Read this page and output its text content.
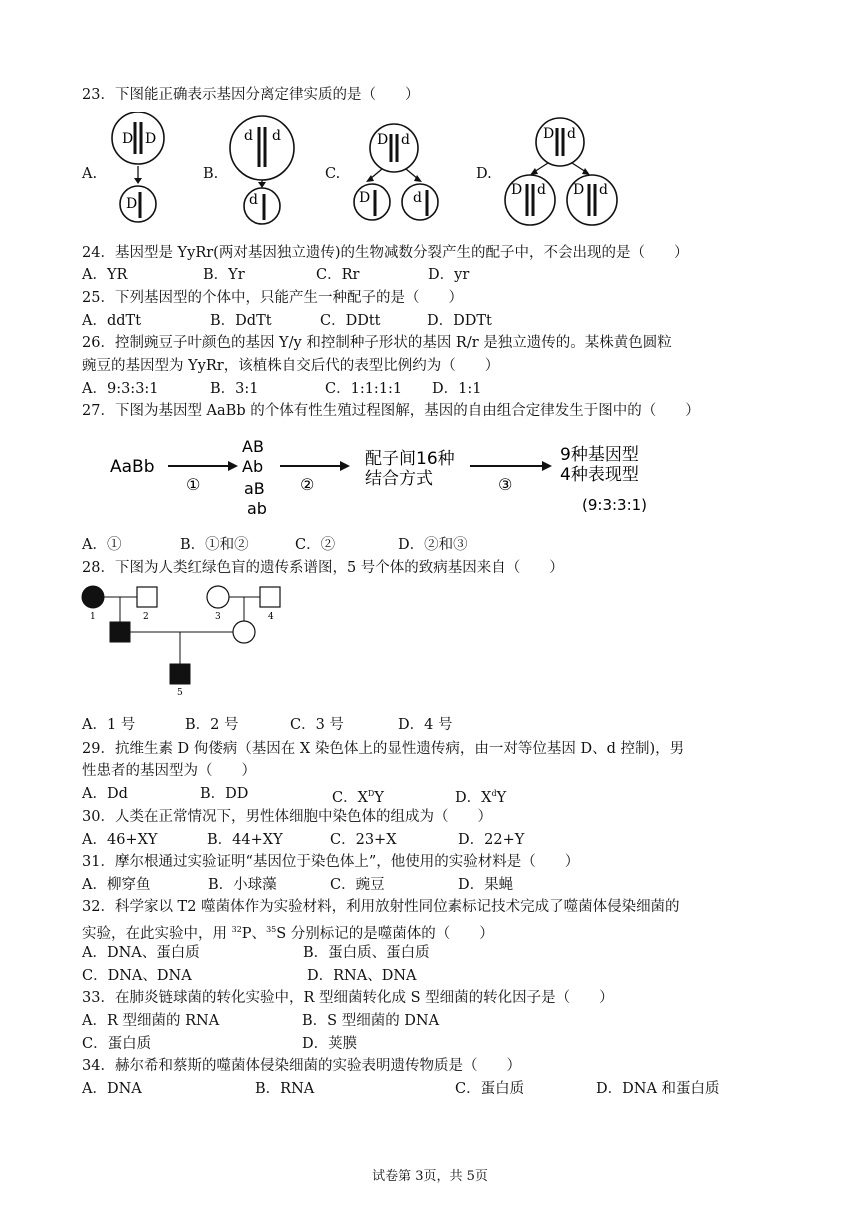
23．下图能正确表示基因分离定律实质的是（　　）
A.	B.	C.	D.
D D
D
d d
d
D d
D	d
D d
D d D d
24．基因型是 YyRr(两对基因独立遗传)的生物减数分裂产生的配子中，不会出现的是（　　）
A．YR	B．Yr	C．Rr	D．yr
25．下列基因型的个体中，只能产生一种配子的是（　　）
A．ddTt	B．DdTt	C．DDtt	D．DDTt
26．控制豌豆子叶颜色的基因 Y/y 和控制种子形状的基因 R/r 是独立遗传的。某株黄色圆粒
豌豆的基因型为 YyRr，该植株自交后代的表型比例约为（　　）
A．9:3:3:1	B．3:1	C．1:1:1:1 D．1:1
27．下图为基因型 AaBb 的个体有性生殖过程图解，基因的自由组合定律发生于图中的（　　）
AaBb
①
AB
Ab
aB
ab
②
配子间16种
结合方式	③
9种基因型
4种表现型
(9:3:3:1)
A．①	B．①和②	C．②	D．②和③
28．下图为人类红绿色盲的遗传系谱图，5 号个体的致病基因来自（　　）
1	2	3	4
5
A．1 号	B．2 号	C．3 号	D．4 号
29．抗维生素 D 佝偻病（基因在 X 染色体上的显性遗传病，由一对等位基因 D、d 控制)，男
性患者的基因型为（　　）
A．Dd	B．DD	C．$X^DY$	D．$X^dY$
30．人类在正常情况下，男性体细胞中染色体的组成为（　　）
A．46+XY	B．44+XY	C．23+X	D．22+Y
31．摩尔根通过实验证明“基因位于染色体上”，他使用的实验材料是（　　）
A．柳穿鱼	B．小球藻	C．豌豆	D．果蝇
32．科学家以 T2 噬菌体作为实验材料，利用放射性同位素标记技术完成了噬菌体侵染细菌的
实验，在此实验中，用 $^{32}$P、$^{35}$S 分别标记的是噬菌体的（　　）
A．DNA、蛋白质	B．蛋白质、蛋白质
C．DNA、DNA	D．RNA、DNA
33．在肺炎链球菌的转化实验中，R 型细菌转化成 S 型细菌的转化因子是（　　）
A．R 型细菌的 RNA	B．S 型细菌的 DNA
C．蛋白质	D．荚膜
34．赫尔希和蔡斯的噬菌体侵染细菌的实验表明遗传物质是（　　）
A．DNA	B．RNA	C．蛋白质	D．DNA 和蛋白质
试卷第 3页，共 5页
